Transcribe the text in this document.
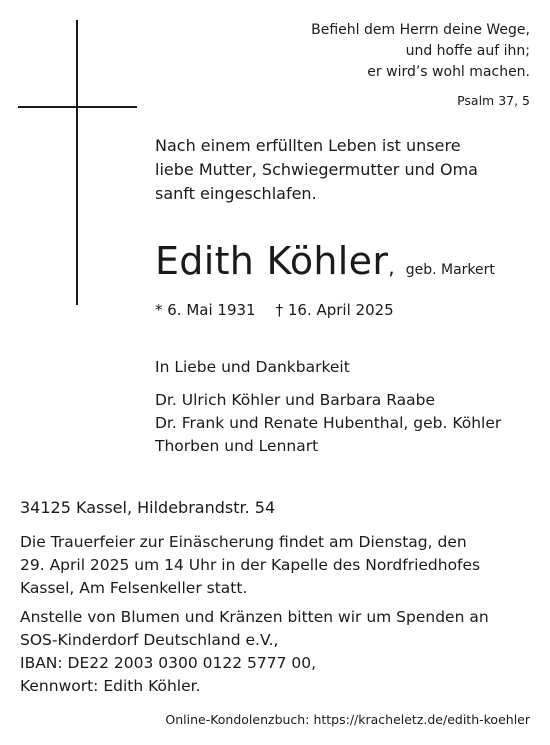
Befiehl dem Herrn deine Wege,
und hoffe auf ihn;
er wird’s wohl machen.
Psalm 37, 5
Nach einem erfüllten Leben ist unsere
liebe Mutter, Schwiegermutter und Oma
sanft eingeschlafen.
Edith Köhler, geb. Markert
* 6. Mai 1931 † 16. April 2025
In Liebe und Dankbarkeit
Dr. Ulrich Köhler und Barbara Raabe
Dr. Frank und Renate Hubenthal, geb. Köhler
Thorben und Lennart
34125 Kassel, Hildebrandstr. 54
Die Trauerfeier zur Einäscherung findet am Dienstag, den
29. April 2025 um 14 Uhr in der Kapelle des Nordfriedhofes
Kassel, Am Felsenkeller statt.
Anstelle von Blumen und Kränzen bitten wir um Spenden an
SOS-Kinderdorf Deutschland e.V.,
IBAN: DE22 2003 0300 0122 5777 00,
Kennwort: Edith Köhler.
Online-Kondolenzbuch: https://kracheletz.de/edith-koehler
